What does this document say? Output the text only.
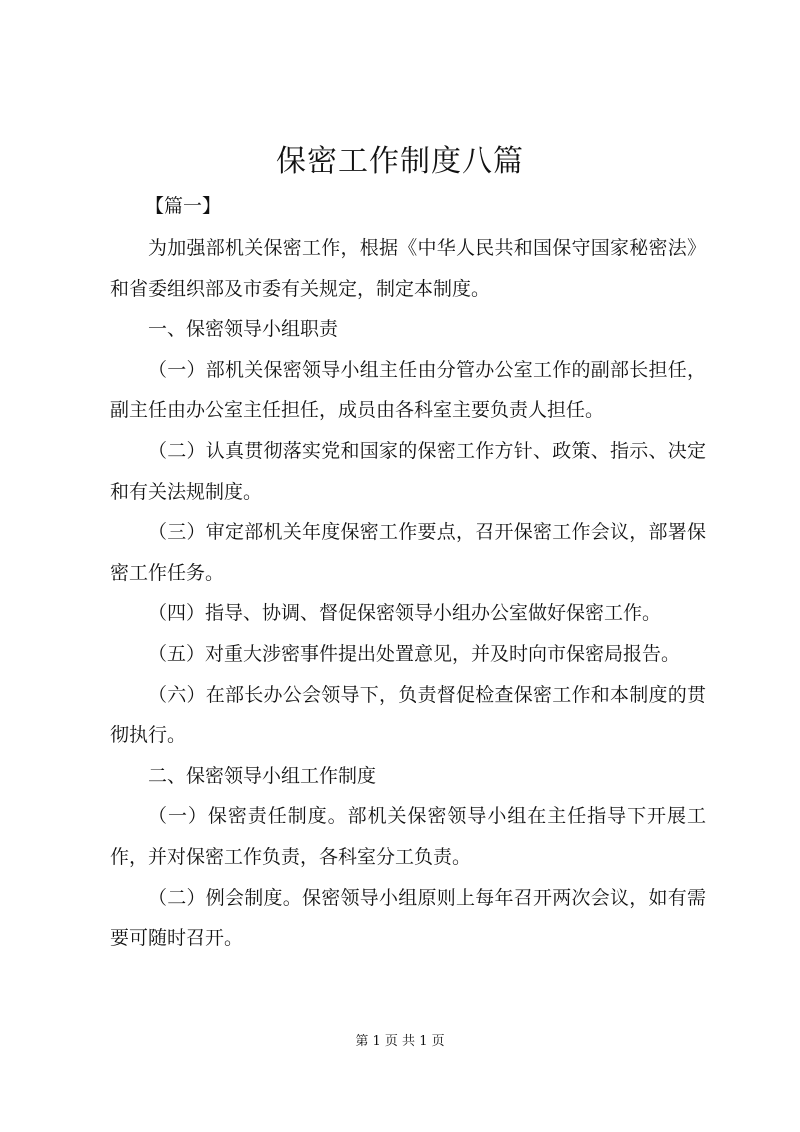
保密工作制度八篇
【篇一】

为加强部机关保密工作，根据《中华人民共和国保守国家秘密法》和省委组织部及市委有关规定，制定本制度。

一、保密领导小组职责

（一）部机关保密领导小组主任由分管办公室工作的副部长担任，副主任由办公室主任担任，成员由各科室主要负责人担任。

（二）认真贯彻落实党和国家的保密工作方针、政策、指示、决定和有关法规制度。

（三）审定部机关年度保密工作要点，召开保密工作会议，部署保密工作任务。

（四）指导、协调、督促保密领导小组办公室做好保密工作。

（五）对重大涉密事件提出处置意见，并及时向市保密局报告。

（六）在部长办公会领导下，负责督促检查保密工作和本制度的贯彻执行。

二、保密领导小组工作制度

（一）保密责任制度。部机关保密领导小组在主任指导下开展工作，并对保密工作负责，各科室分工负责。

（二）例会制度。保密领导小组原则上每年召开两次会议，如有需要可随时召开。

第 1 页 共 1 页
